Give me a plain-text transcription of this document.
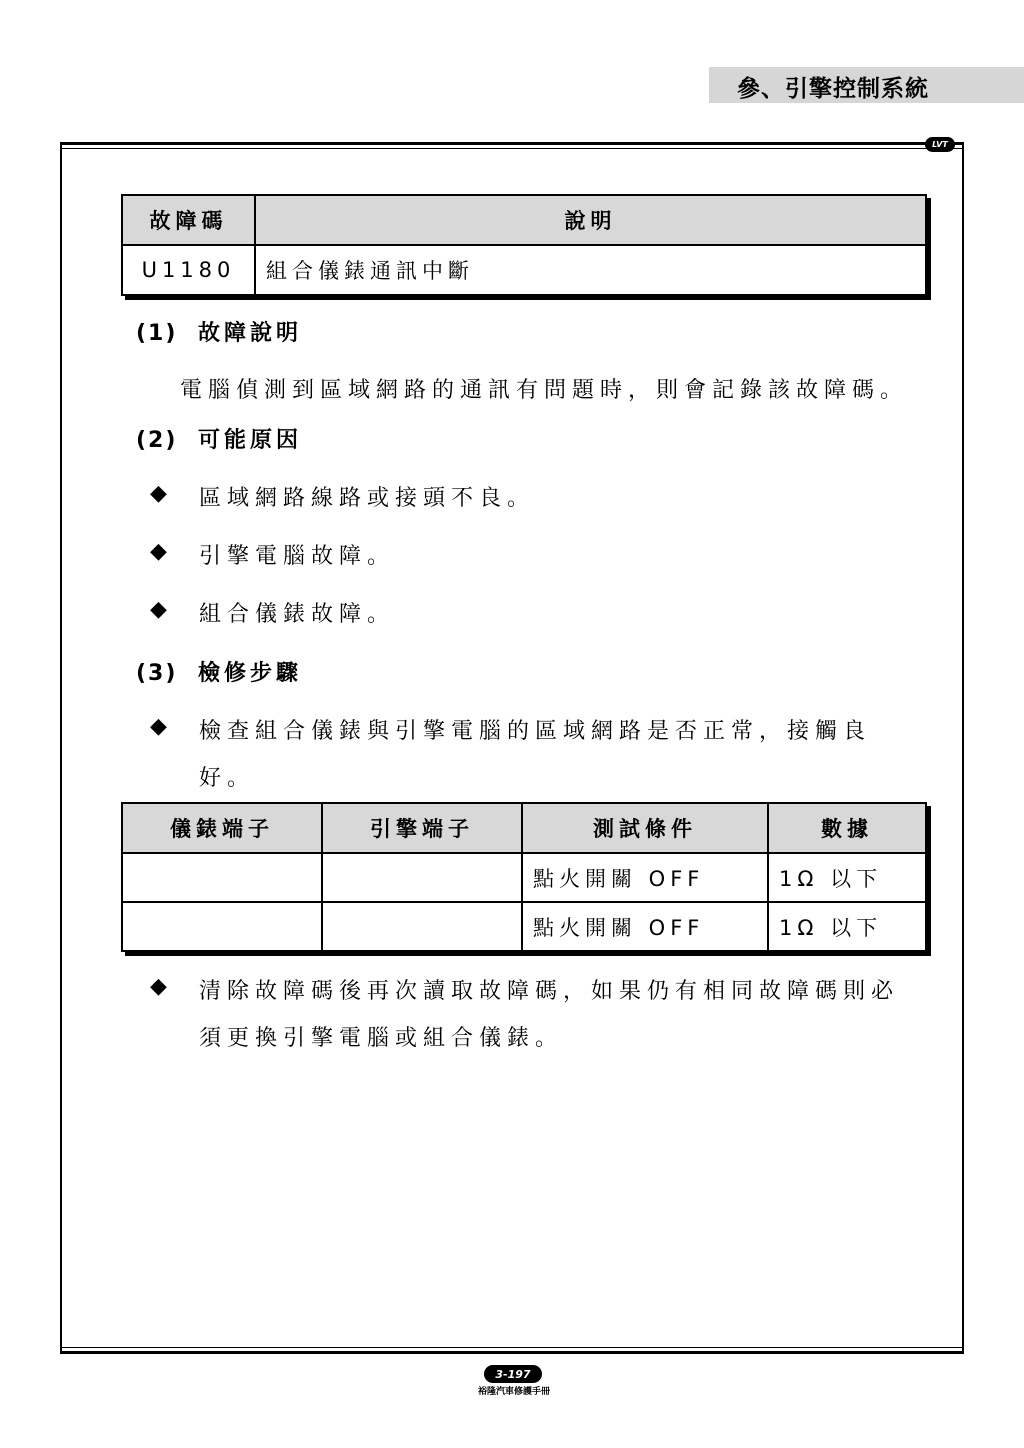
參、引擎控制系統
LVT
故障碼	說明
U1180	組合儀錶通訊中斷
(1) 故障說明
電腦偵測到區域網路的通訊有問題時，則會記錄該故障碼。
(2) 可能原因
◆ 區域網路線路或接頭不良。
◆ 引擎電腦故障。
◆ 組合儀錶故障。
(3) 檢修步驟
◆ 檢查組合儀錶與引擎電腦的區域網路是否正常，接觸良
好。
儀錶端子	引擎端子	測試條件	數據
		點火開關 OFF	1Ω 以下
		點火開關 OFF	1Ω 以下
◆ 清除故障碼後再次讀取故障碼，如果仍有相同故障碼則必
須更換引擎電腦或組合儀錶。
3-197
裕隆汽車修護手冊
